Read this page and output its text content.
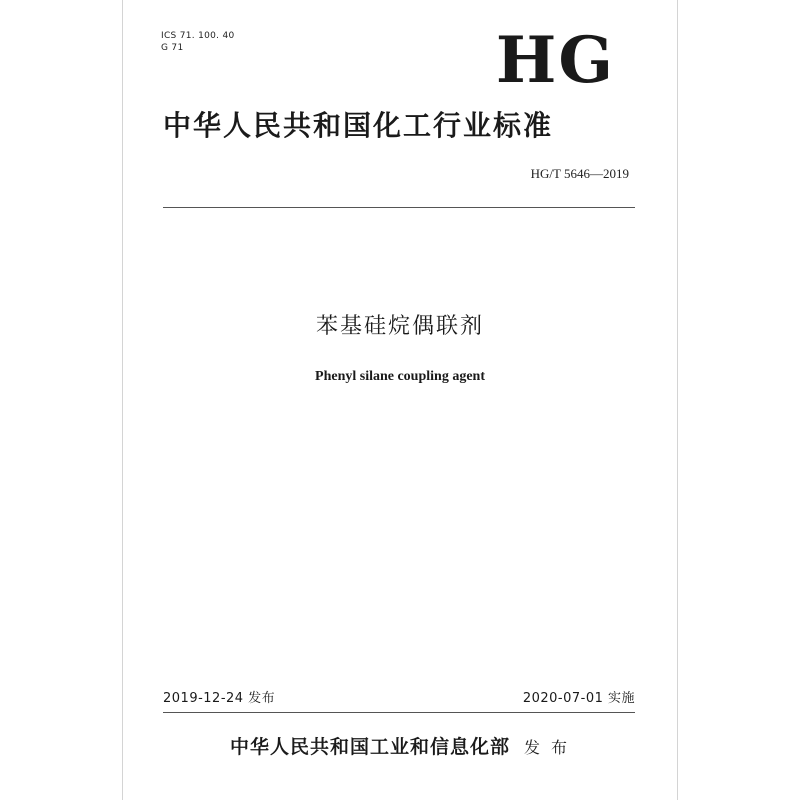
ICS 71. 100. 40
G 71	HG
中华人民共和国化工行业标准
HG/T 5646—2019
苯基硅烷偶联剂
Phenyl silane coupling agent
2019-12-24 发布	2020-07-01 实施
中华人民共和国工业和信息化部 发 布
